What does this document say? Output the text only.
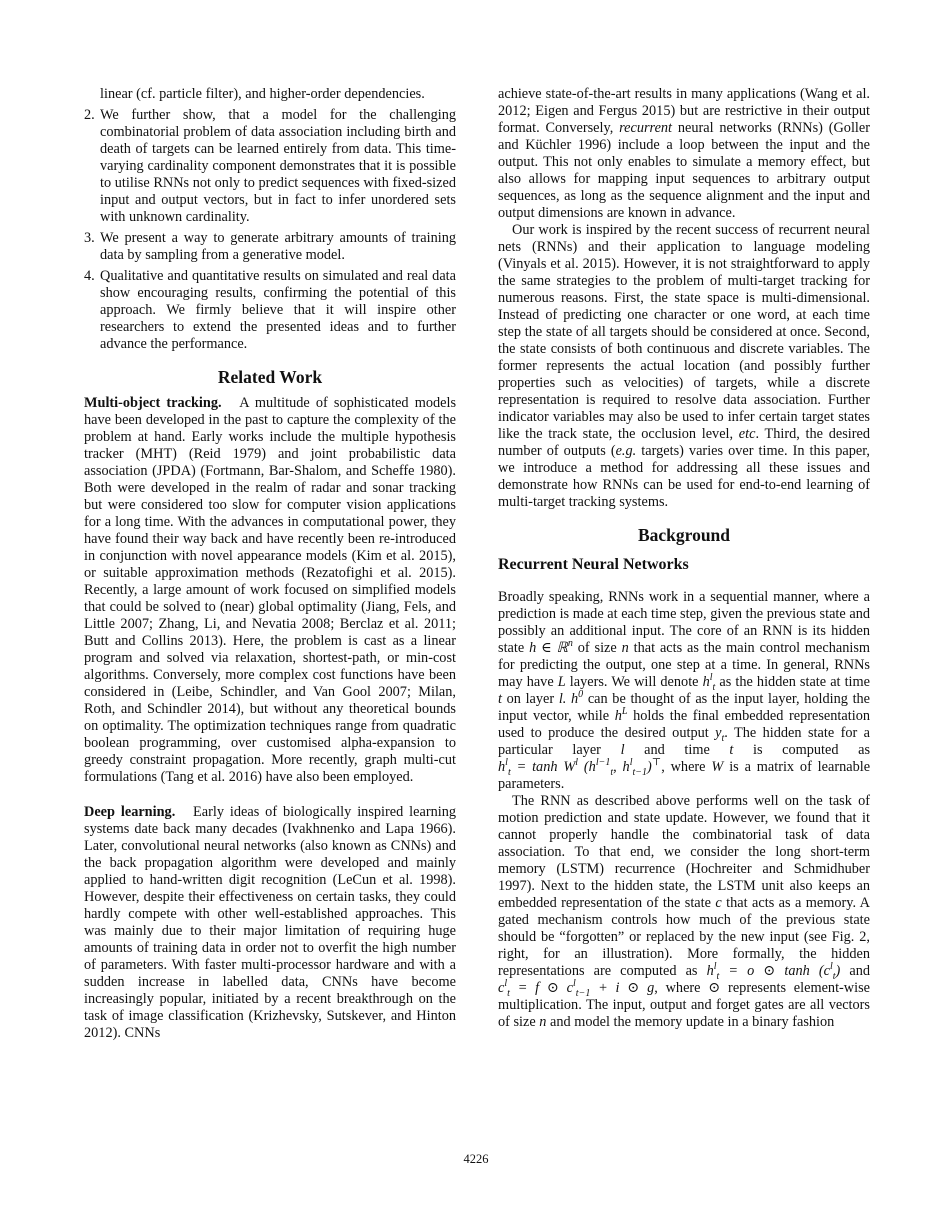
linear (cf. particle filter), and higher-order dependencies.
2. We further show, that a model for the challenging combinatorial problem of data association including birth and death of targets can be learned entirely from data. This time-varying cardinality component demonstrates that it is possible to utilise RNNs not only to predict sequences with fixed-sized input and output vectors, but in fact to infer unordered sets with unknown cardinality.
3. We present a way to generate arbitrary amounts of training data by sampling from a generative model.
4. Qualitative and quantitative results on simulated and real data show encouraging results, confirming the potential of this approach. We firmly believe that it will inspire other researchers to extend the presented ideas and to further advance the performance.
Related Work

Multi-object tracking. A multitude of sophisticated models have been developed in the past to capture the complexity of the problem at hand. Early works include the multiple hypothesis tracker (MHT) (Reid 1979) and joint probabilistic data association (JPDA) (Fortmann, Bar-Shalom, and Scheffe 1980). Both were developed in the realm of radar and sonar tracking but were considered too slow for computer vision applications for a long time. With the advances in computational power, they have found their way back and have recently been re-introduced in conjunction with novel appearance models (Kim et al. 2015), or suitable approximation methods (Rezatofighi et al. 2015). Recently, a large amount of work focused on simplified models that could be solved to (near) global optimality (Jiang, Fels, and Little 2007; Zhang, Li, and Nevatia 2008; Berclaz et al. 2011; Butt and Collins 2013). Here, the problem is cast as a linear program and solved via relaxation, shortest-path, or min-cost algorithms. Conversely, more complex cost functions have been considered in (Leibe, Schindler, and Van Gool 2007; Milan, Roth, and Schindler 2014), but without any theoretical bounds on optimality. The optimization techniques range from quadratic boolean programming, over customised alpha-expansion to greedy constraint propagation. More recently, graph multi-cut formulations (Tang et al. 2016) have also been employed.

Deep learning. Early ideas of biologically inspired learning systems date back many decades (Ivakhnenko and Lapa 1966). Later, convolutional neural networks (also known as CNNs) and the back propagation algorithm were developed and mainly applied to hand-written digit recognition (LeCun et al. 1998). However, despite their effectiveness on certain tasks, they could hardly compete with other well-established approaches. This was mainly due to their major limitation of requiring huge amounts of training data in order not to overfit the high number of parameters. With faster multi-processor hardware and with a sudden increase in labelled data, CNNs have become increasingly popular, initiated by a recent breakthrough on the task of image classification (Krizhevsky, Sutskever, and Hinton 2012). CNNs

achieve state-of-the-art results in many applications (Wang et al. 2012; Eigen and Fergus 2015) but are restrictive in their output format. Conversely, recurrent neural networks (RNNs) (Goller and Küchler 1996) include a loop between the input and the output. This not only enables to simulate a memory effect, but also allows for mapping input sequences to arbitrary output sequences, as long as the sequence alignment and the input and output dimensions are known in advance.

Our work is inspired by the recent success of recurrent neural nets (RNNs) and their application to language modeling (Vinyals et al. 2015). However, it is not straightforward to apply the same strategies to the problem of multi-target tracking for numerous reasons. First, the state space is multi-dimensional. Instead of predicting one character or one word, at each time step the state of all targets should be considered at once. Second, the state consists of both continuous and discrete variables. The former represents the actual location (and possibly further properties such as velocities) of targets, while a discrete representation is required to resolve data association. Further indicator variables may also be used to infer certain target states like the track state, the occlusion level, etc. Third, the desired number of outputs (e.g. targets) varies over time. In this paper, we introduce a method for addressing all these issues and demonstrate how RNNs can be used for end-to-end learning of multi-target tracking systems.

Background
Recurrent Neural Networks

Broadly speaking, RNNs work in a sequential manner, where a prediction is made at each time step, given the previous state and possibly an additional input. The core of an RNN is its hidden state h ∈ ℝ$^n$ of size n that acts as the main control mechanism for predicting the output, one step at a time. In general, RNNs may have L layers. We will denote $h^l_t$ as the hidden state at time t on layer l. $h^0$ can be thought of as the input layer, holding the input vector, while $h^L$ holds the final embedded representation used to produce the desired output $y_t$. The hidden state for a particular layer l and time t is computed as $h^l_t = \tanh W^l$ ($h^{l-1}_t$, $h^l_{t-1})^⊤$, where W is a matrix of learnable parameters.

The RNN as described above performs well on the task of motion prediction and state update. However, we found that it cannot properly handle the combinatorial task of data association. To that end, we consider the long short-term memory (LSTM) recurrence (Hochreiter and Schmidhuber 1997). Next to the hidden state, the LSTM unit also keeps an embedded representation of the state c that acts as a memory. A gated mechanism controls how much of the previous state should be “forgotten” or replaced by the new input (see Fig. 2, right, for an illustration). More formally, the hidden representations are computed as $h^l_t = o$ ⊙ $\tanh (c^l_t)$ and $c^l_t = f$ ⊙ $c^l_{t-1} + i$ ⊙ g, where ⊙ represents element-wise multiplication. The input, output and forget gates are all vectors of size n and model the memory update in a binary fashion

4226
